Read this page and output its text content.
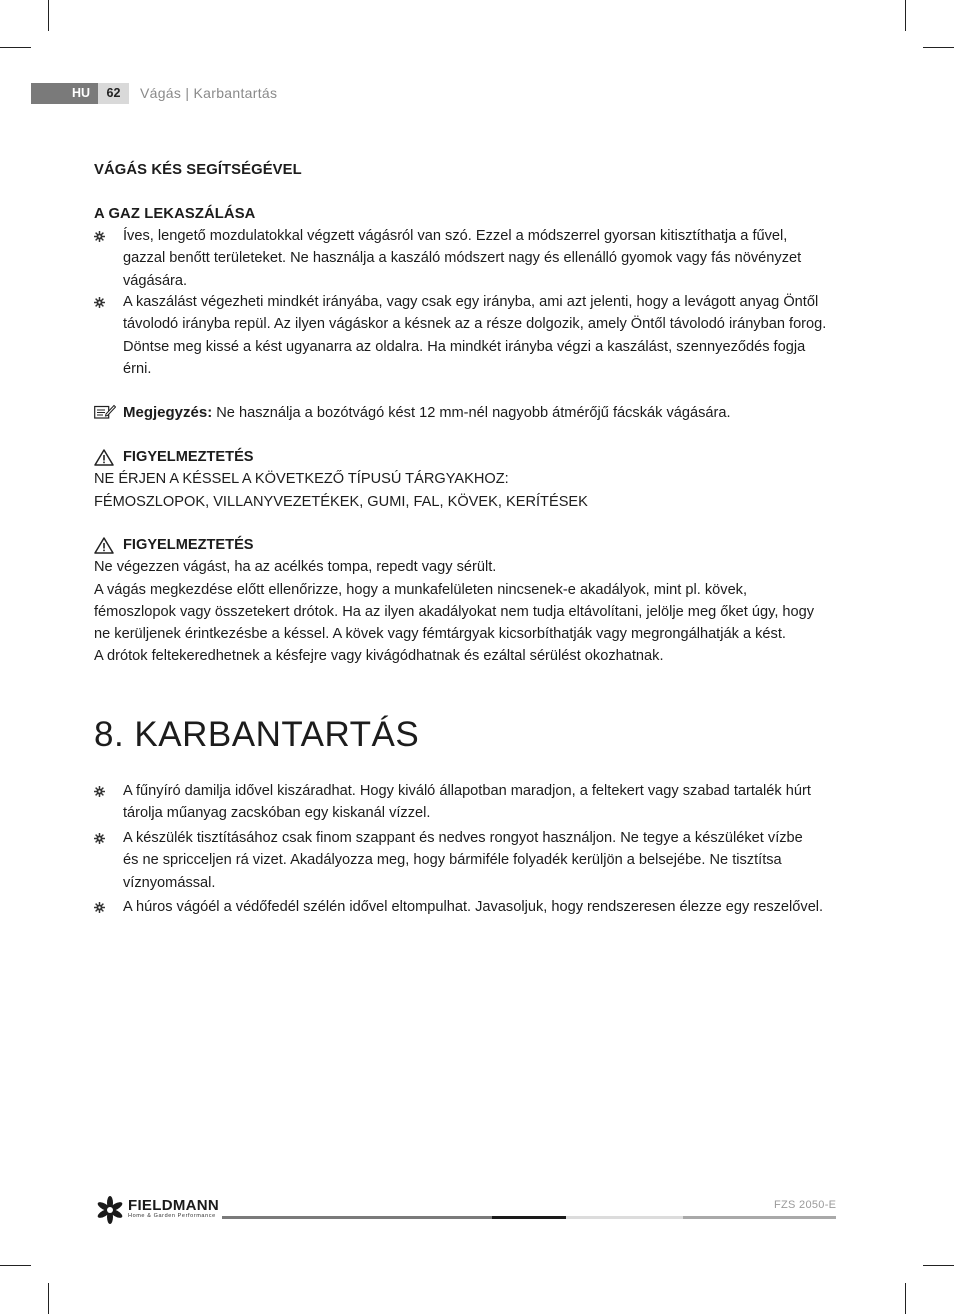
HU	62	Vágás | Karbantartás
VÁGÁS KÉS SEGÍTSÉGÉVEL
A GAZ LEKASZÁLÁSA
Íves, lengető mozdulatokkal végzett vágásról van szó. Ezzel a módszerrel gyorsan kitisztíthatja a fűvel,
gazzal benőtt területeket. Ne használja a kaszáló módszert nagy és ellenálló gyomok vagy fás növényzet
vágására.
A kaszálást végezheti mindkét irányába, vagy csak egy irányba, ami azt jelenti, hogy a levágott anyag Öntől
távolodó irányba repül. Az ilyen vágáskor a késnek az a része dolgozik, amely Öntől távolodó irányban forog.
Döntse meg kissé a kést ugyanarra az oldalra. Ha mindkét irányba végzi a kaszálást, szennyeződés fogja
érni.
Megjegyzés: Ne használja a bozótvágó kést 12 mm-nél nagyobb átmérőjű fácskák vágására.
FIGYELMEZTETÉS
NE ÉRJEN A KÉSSEL A KÖVETKEZŐ TÍPUSÚ TÁRGYAKHOZ:
FÉMOSZLOPOK, VILLANYVEZETÉKEK, GUMI, FAL, KÖVEK, KERÍTÉSEK
FIGYELMEZTETÉS
Ne végezzen vágást, ha az acélkés tompa, repedt vagy sérült.
A vágás megkezdése előtt ellenőrizze, hogy a munkafelületen nincsenek-e akadályok, mint pl. kövek,
fémoszlopok vagy összetekert drótok. Ha az ilyen akadályokat nem tudja eltávolítani, jelölje meg őket úgy, hogy
ne kerüljenek érintkezésbe a késsel. A kövek vagy fémtárgyak kicsorbíthatják vagy megrongálhatják a kést.
A drótok feltekeredhetnek a késfejre vagy kivágódhatnak és ezáltal sérülést okozhatnak.
A fűnyíró damilja idővel kiszáradhat. Hogy kiváló állapotban maradjon, a feltekert vagy szabad tartalék húrt
tárolja műanyag zacskóban egy kiskanál vízzel.
A készülék tisztításához csak finom szappant és nedves rongyot használjon. Ne tegye a készüléket vízbe
és ne spricceljen rá vizet. Akadályozza meg, hogy bármiféle folyadék kerüljön a belsejébe. Ne tisztítsa
víznyomással.
A húros vágóél a védőfedél szélén idővel eltompulhat. Javasoljuk, hogy rendszeresen élezze egy reszelővel.
8. KARBANTARTÁS
FIELDMANN
Home & Garden Performance
FZS 2050-E
